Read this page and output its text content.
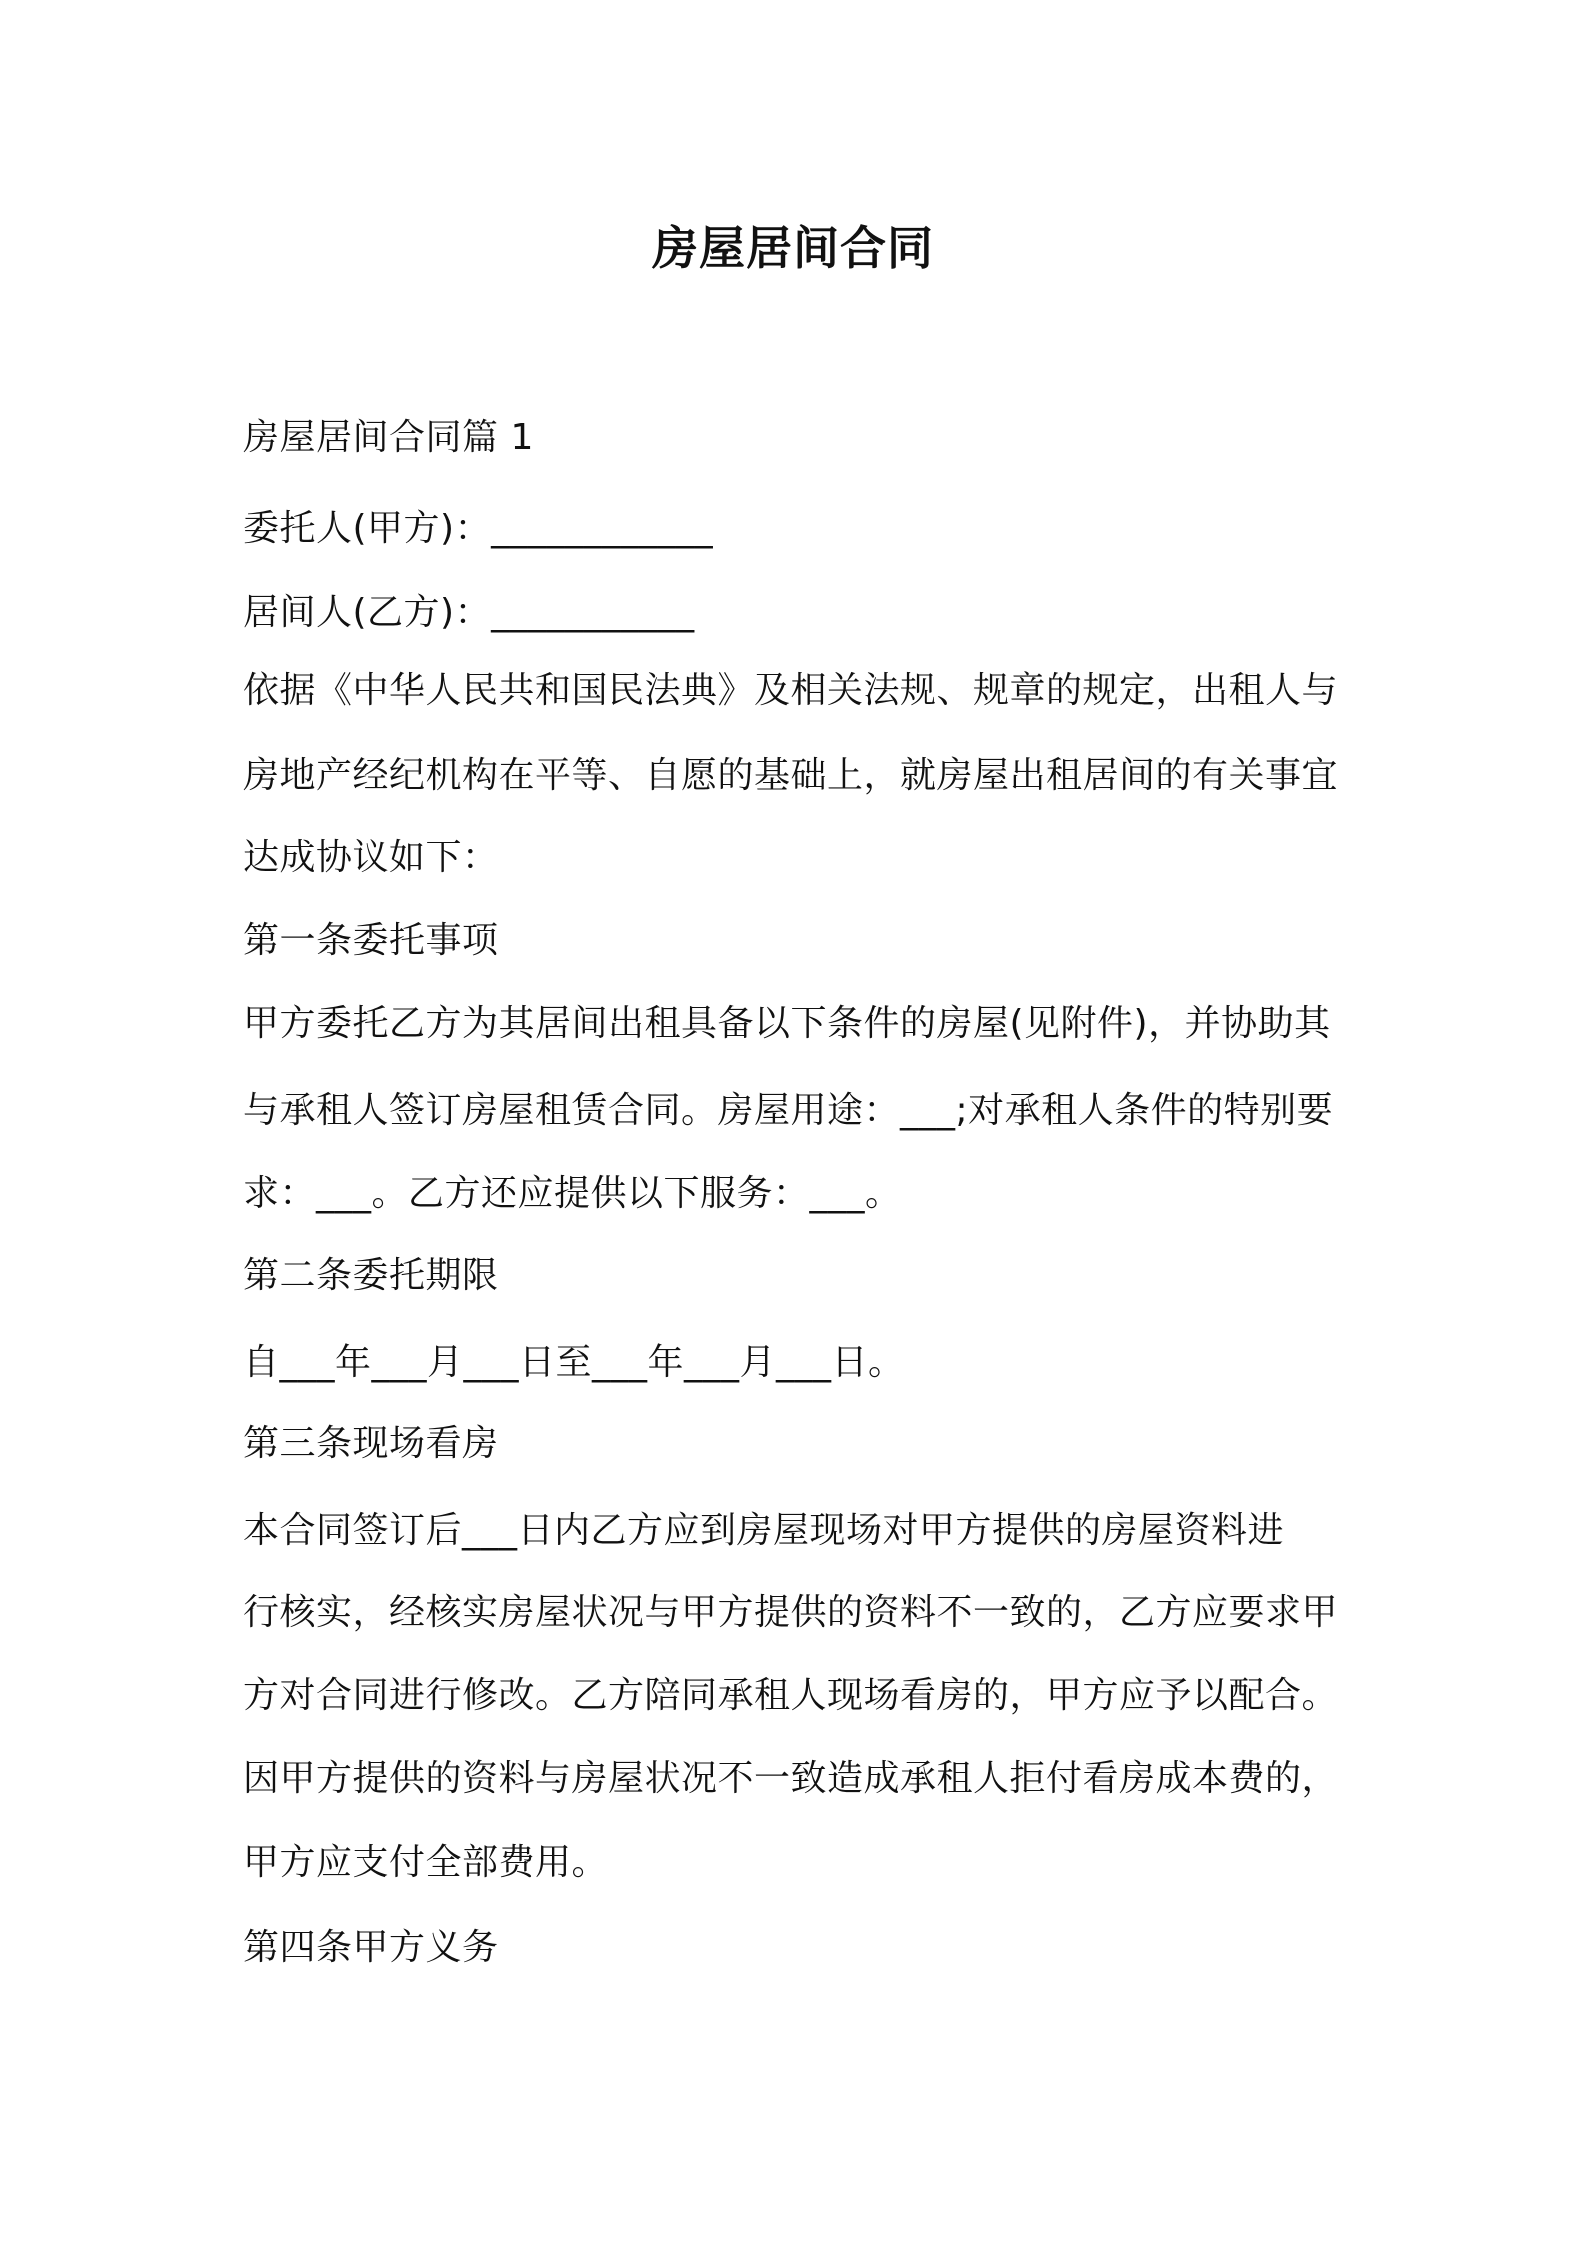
房屋居间合同
房屋居间合同篇 1
委托人(甲方)：____________
居间人(乙方)：___________
依据《中华人民共和国民法典》及相关法规、规章的规定，出租人与
房地产经纪机构在平等、自愿的基础上，就房屋出租居间的有关事宜
达成协议如下：
第一条委托事项
甲方委托乙方为其居间出租具备以下条件的房屋(见附件)，并协助其
与承租人签订房屋租赁合同。房屋用途：___;对承租人条件的特别要
求：___。乙方还应提供以下服务：___。
第二条委托期限
自___年___月___日至___年___月___日。
第三条现场看房
本合同签订后___日内乙方应到房屋现场对甲方提供的房屋资料进
行核实，经核实房屋状况与甲方提供的资料不一致的，乙方应要求甲
方对合同进行修改。乙方陪同承租人现场看房的，甲方应予以配合。
因甲方提供的资料与房屋状况不一致造成承租人拒付看房成本费的，
甲方应支付全部费用。
第四条甲方义务
